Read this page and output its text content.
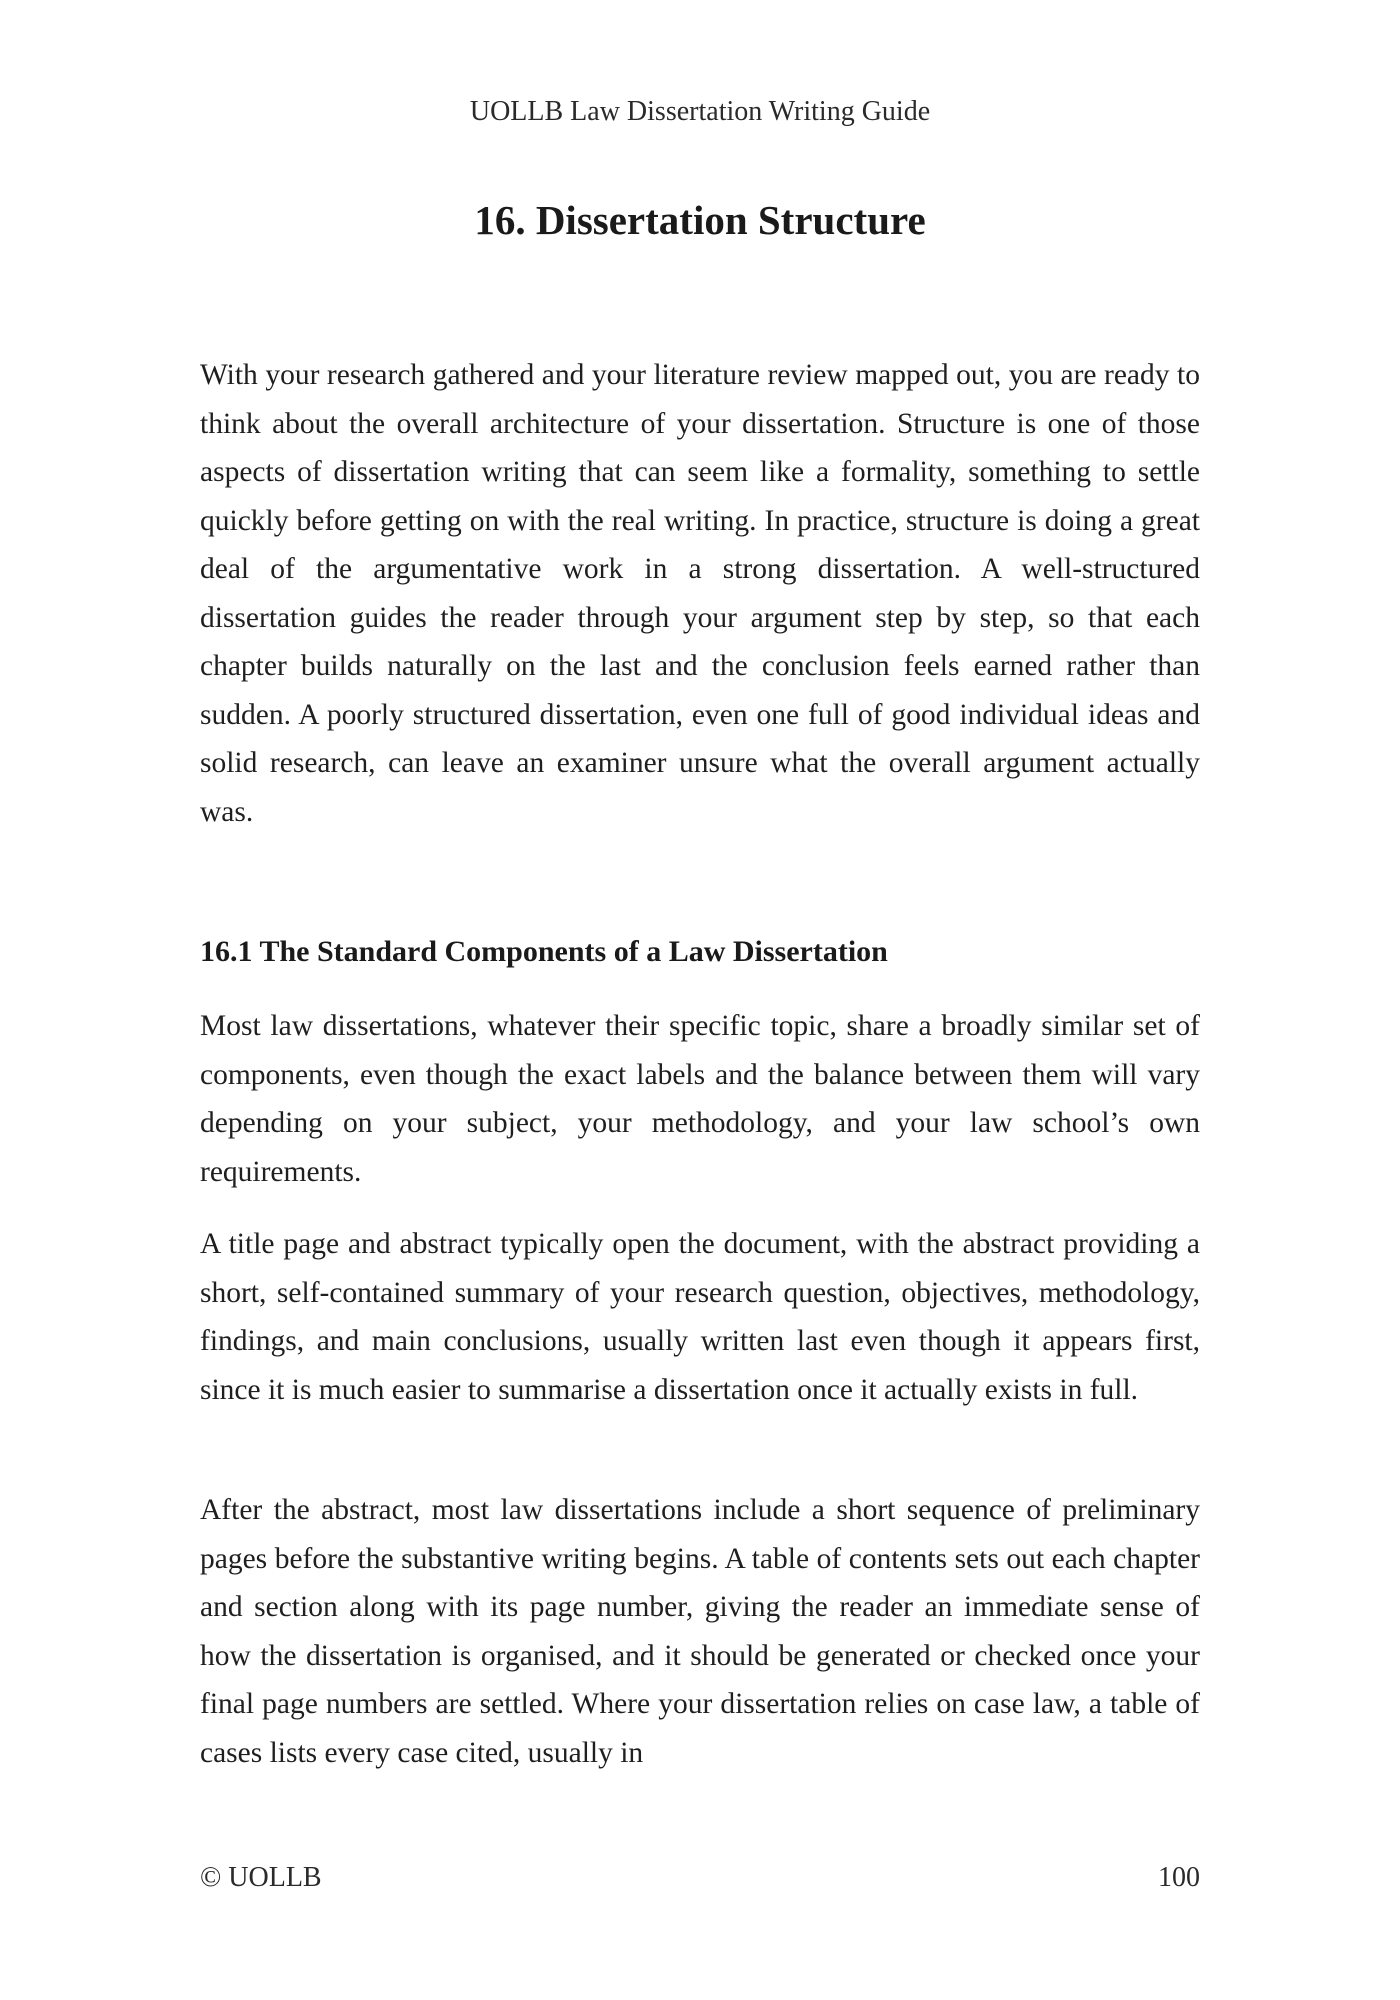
UOLLB Law Dissertation Writing Guide
16. Dissertation Structure

With your research gathered and your literature review mapped out, you are ready to think about the overall architecture of your dissertation. Structure is one of those aspects of dissertation writing that can seem like a formality, something to settle quickly before getting on with the real writing. In practice, structure is doing a great deal of the argumentative work in a strong dissertation. A well-structured dissertation guides the reader through your argument step by step, so that each chapter builds naturally on the last and the conclusion feels earned rather than sudden. A poorly structured dissertation, even one full of good individual ideas and solid research, can leave an examiner unsure what the overall argument actually was.

16.1 The Standard Components of a Law Dissertation

Most law dissertations, whatever their specific topic, share a broadly similar set of components, even though the exact labels and the balance between them will vary depending on your subject, your methodology, and your law school’s own requirements.

A title page and abstract typically open the document, with the abstract providing a short, self-contained summary of your research question, objectives, methodology, findings, and main conclusions, usually written last even though it appears first, since it is much easier to summarise a dissertation once it actually exists in full.

After the abstract, most law dissertations include a short sequence of preliminary pages before the substantive writing begins. A table of contents sets out each chapter and section along with its page number, giving the reader an immediate sense of how the dissertation is organised, and it should be generated or checked once your final page numbers are settled. Where your dissertation relies on case law, a table of cases lists every case cited, usually in

© UOLLB	100
